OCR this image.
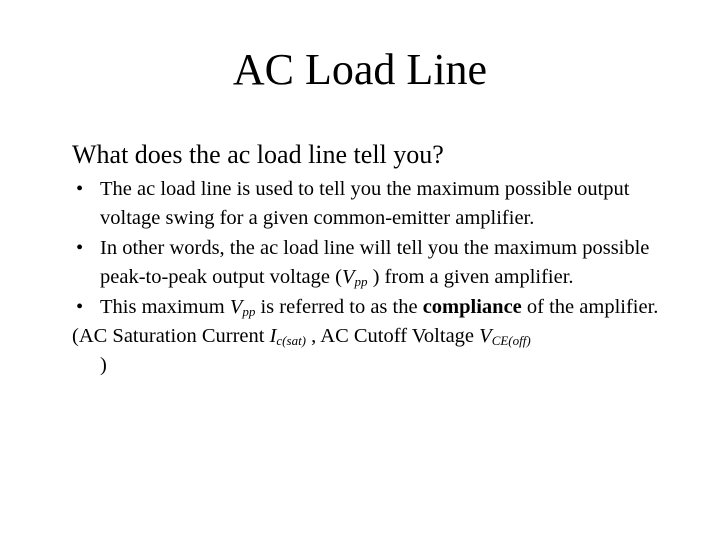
AC Load Line

What does the ac load line tell you?

• The ac load line is used to tell you the maximum possible output voltage swing for a given common-emitter amplifier.

• In other words, the ac load line will tell you the maximum possible peak-to-peak output voltage ($V_{pp}$ ) from a given amplifier.

• This maximum $V_{pp}$ is referred to as the compliance of the amplifier.

(AC Saturation Current $I_{c(sat)}$ , AC Cutoff Voltage $V_{CE(off)}$
)
